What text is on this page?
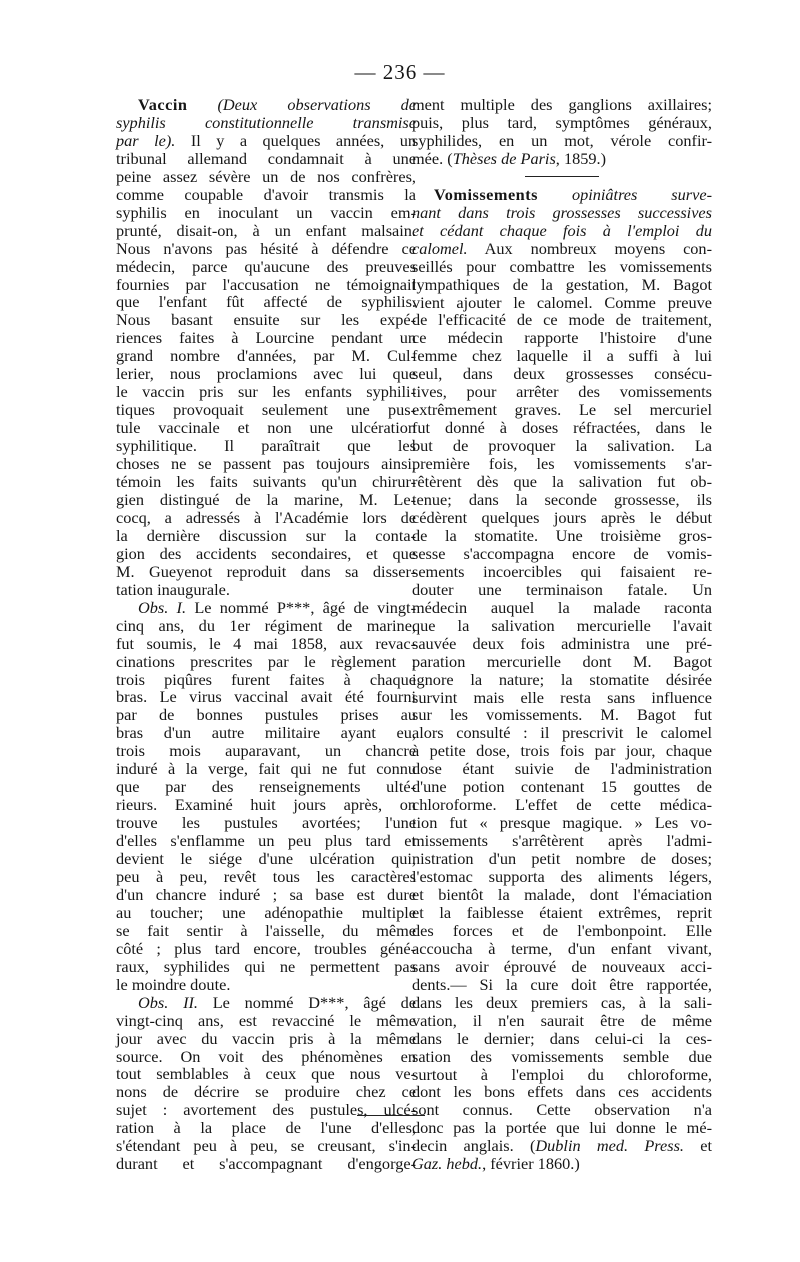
— 236 —

Vaccin (Deux observations de

syphilis constitutionnelle transmise

par le). Il y a quelques années, un

tribunal allemand condamnait à une

peine assez sévère un de nos confrères,

comme coupable d'avoir transmis la

syphilis en inoculant un vaccin em-

prunté, disait-on, à un enfant malsain.

Nous n'avons pas hésité à défendre ce

médecin, parce qu'aucune des preuves

fournies par l'accusation ne témoignait

que l'enfant fût affecté de syphilis.

Nous basant ensuite sur les expé-

riences faites à Lourcine pendant un

grand nombre d'années, par M. Cul-

lerier, nous proclamions avec lui que

le vaccin pris sur les enfants syphili-

tiques provoquait seulement une pus-

tule vaccinale et non une ulcération

syphilitique. Il paraîtrait que les

choses ne se passent pas toujours ainsi,

témoin les faits suivants qu'un chirur-

gien distingué de la marine, M. Le-

cocq, a adressés à l'Académie lors de

la dernière discussion sur la conta-

gion des accidents secondaires, et que

M. Gueyenot reproduit dans sa disser-

tation inaugurale.

Obs. I. Le nommé P***, âgé de vingt-

cinq ans, du 1er régiment de marine,

fut soumis, le 4 mai 1858, aux revac-

cinations prescrites par le règlement ;

trois piqûres furent faites à chaque

bras. Le virus vaccinal avait été fourni

par de bonnes pustules prises au

bras d'un autre militaire ayant eu,

trois mois auparavant, un chancre

induré à la verge, fait qui ne fut connu

que par des renseignements ulté-

rieurs. Examiné huit jours après, on

trouve les pustules avortées; l'une

d'elles s'enflamme un peu plus tard et

devient le siége d'une ulcération qui,

peu à peu, revêt tous les caractères

d'un chancre induré ; sa base est dure

au toucher; une adénopathie multiple

se fait sentir à l'aisselle, du même

côté ; plus tard encore, troubles géné-

raux, syphilides qui ne permettent pas

le moindre doute.

Obs. II. Le nommé D***, âgé de

vingt-cinq ans, est revacciné le même

jour avec du vaccin pris à la même

source. On voit des phénomènes en

tout semblables à ceux que nous ve-

nons de décrire se produire chez ce

sujet : avortement des pustules, ulcé-

ration à la place de l'une d'elles,

s'étendant peu à peu, se creusant, s'in-

durant et s'accompagnant d'engorge-

ment multiple des ganglions axillaires;

puis, plus tard, symptômes généraux,

syphilides, en un mot, vérole confir-

mée. (Thèses de Paris, 1859.)

Vomissements opiniâtres surve-

nant dans trois grossesses successives

et cédant chaque fois à l'emploi du

calomel. Aux nombreux moyens con-

seillés pour combattre les vomissements

lympathiques de la gestation, M. Bagot

vient ajouter le calomel. Comme preuve

de l'efficacité de ce mode de traitement,

ce médecin rapporte l'histoire d'une

femme chez laquelle il a suffi à lui

seul, dans deux grossesses consécu-

tives, pour arrêter des vomissements

extrêmement graves. Le sel mercuriel

fut donné à doses réfractées, dans le

but de provoquer la salivation. La

première fois, les vomissements s'ar-

rêtèrent dès que la salivation fut ob-

tenue; dans la seconde grossesse, ils

cédèrent quelques jours après le début

de la stomatite. Une troisième gros-

sesse s'accompagna encore de vomis-

sements incoercibles qui faisaient re-

douter une terminaison fatale. Un

médecin auquel la malade raconta

que la salivation mercurielle l'avait

sauvée deux fois administra une pré-

paration mercurielle dont M. Bagot

ignore la nature; la stomatite désirée

survint mais elle resta sans influence

sur les vomissements. M. Bagot fut

alors consulté : il prescrivit le calomel

à petite dose, trois fois par jour, chaque

dose étant suivie de l'administration

d'une potion contenant 15 gouttes de

chloroforme. L'effet de cette médica-

tion fut « presque magique. » Les vo-

missements s'arrêtèrent après l'admi-

nistration d'un petit nombre de doses;

l'estomac supporta des aliments légers,

et bientôt la malade, dont l'émaciation

et la faiblesse étaient extrêmes, reprit

des forces et de l'embonpoint. Elle

accoucha à terme, d'un enfant vivant,

sans avoir éprouvé de nouveaux acci-

dents.— Si la cure doit être rapportée,

dans les deux premiers cas, à la sali-

vation, il n'en saurait être de même

dans le dernier; dans celui-ci la ces-

sation des vomissements semble due

surtout à l'emploi du chloroforme,

dont les bons effets dans ces accidents

sont connus. Cette observation n'a

donc pas la portée que lui donne le mé-

decin anglais. (Dublin med. Press. et

Gaz. hebd., février 1860.)
